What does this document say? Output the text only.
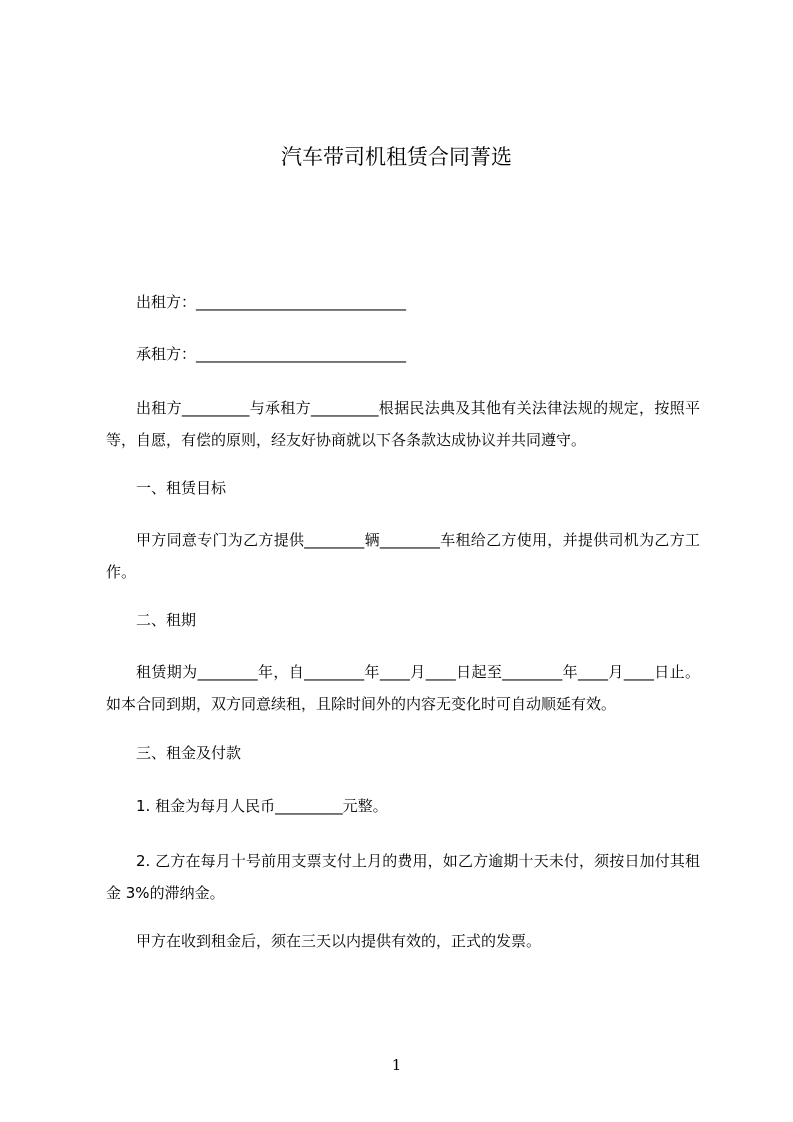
汽车带司机租赁合同菁选
出租方：____________________________
承租方：____________________________
出租方_________与承租方_________根据民法典及其他有关法律法规的规定，按照平等，自愿，有偿的原则，经友好协商就以下各条款达成协议并共同遵守。
一、租赁目标
甲方同意专门为乙方提供________辆________车租给乙方使用，并提供司机为乙方工作。
二、租期
租赁期为________年，自________年____月____日起至________年____月____日止。如本合同到期，双方同意续租，且除时间外的内容无变化时可自动顺延有效。
三、租金及付款
1. 租金为每月人民币_________元整。
2. 乙方在每月十号前用支票支付上月的费用，如乙方逾期十天未付，须按日加付其租金 3%的滞纳金。
甲方在收到租金后，须在三天以内提供有效的，正式的发票。
1
